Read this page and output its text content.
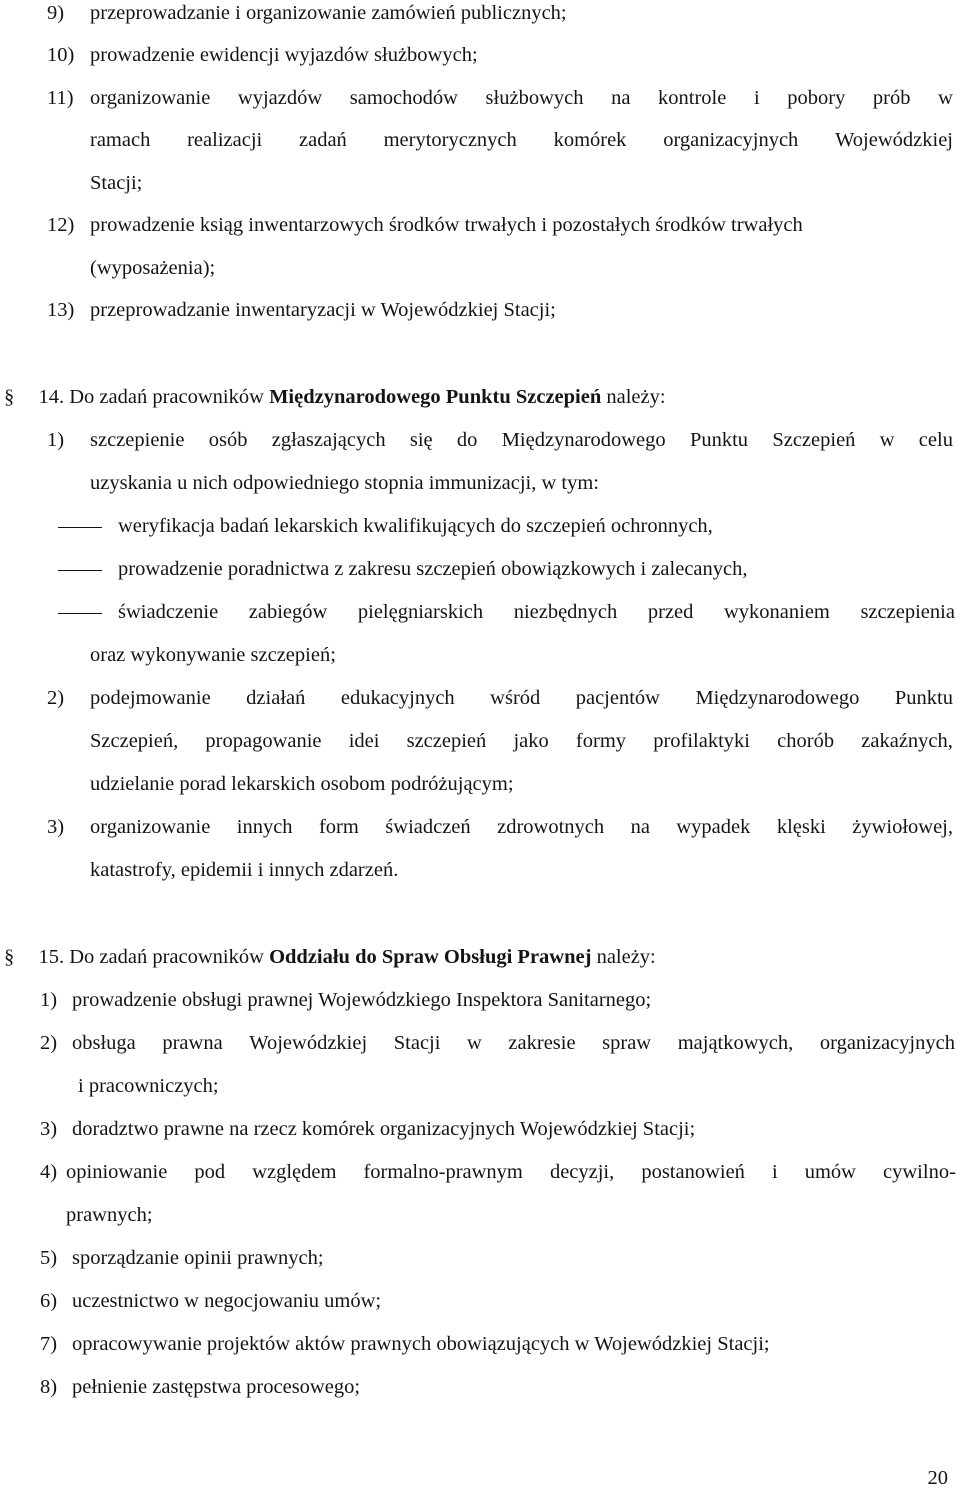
9) przeprowadzanie i organizowanie zamówień publicznych;
10) prowadzenie ewidencji wyjazdów służbowych;
11) organizowanie wyjazdów samochodów służbowych na kontrole i pobory prób w
ramach realizacji zadań merytorycznych komórek organizacyjnych Wojewódzkiej
Stacji;
12) prowadzenie ksiąg inwentarzowych środków trwałych i pozostałych środków trwałych
(wyposażenia);
13) przeprowadzanie inwentaryzacji w Wojewódzkiej Stacji;
§ 14. Do zadań pracowników Międzynarodowego Punktu Szczepień należy:
1) szczepienie osób zgłaszających się do Międzynarodowego Punktu Szczepień w celu
uzyskania u nich odpowiedniego stopnia immunizacji, w tym:
weryfikacja badań lekarskich kwalifikujących do szczepień ochronnych,
prowadzenie poradnictwa z zakresu szczepień obowiązkowych i zalecanych,
świadczenie zabiegów pielęgniarskich niezbędnych przed wykonaniem szczepienia
oraz wykonywanie szczepień;
2) podejmowanie działań edukacyjnych wśród pacjentów Międzynarodowego Punktu
Szczepień, propagowanie idei szczepień jako formy profilaktyki chorób zakaźnych,
udzielanie porad lekarskich osobom podróżującym;
3) organizowanie innych form świadczeń zdrowotnych na wypadek klęski żywiołowej,
katastrofy, epidemii i innych zdarzeń.
§ 15. Do zadań pracowników Oddziału do Spraw Obsługi Prawnej należy:
1) prowadzenie obsługi prawnej Wojewódzkiego Inspektora Sanitarnego;
2) obsługa prawna Wojewódzkiej Stacji w zakresie spraw majątkowych, organizacyjnych
i pracowniczych;
3) doradztwo prawne na rzecz komórek organizacyjnych Wojewódzkiej Stacji;
4) opiniowanie pod względem formalno-prawnym decyzji, postanowień i umów cywilno-
prawnych;
5) sporządzanie opinii prawnych;
6) uczestnictwo w negocjowaniu umów;
7) opracowywanie projektów aktów prawnych obowiązujących w Wojewódzkiej Stacji;
8) pełnienie zastępstwa procesowego;
20
